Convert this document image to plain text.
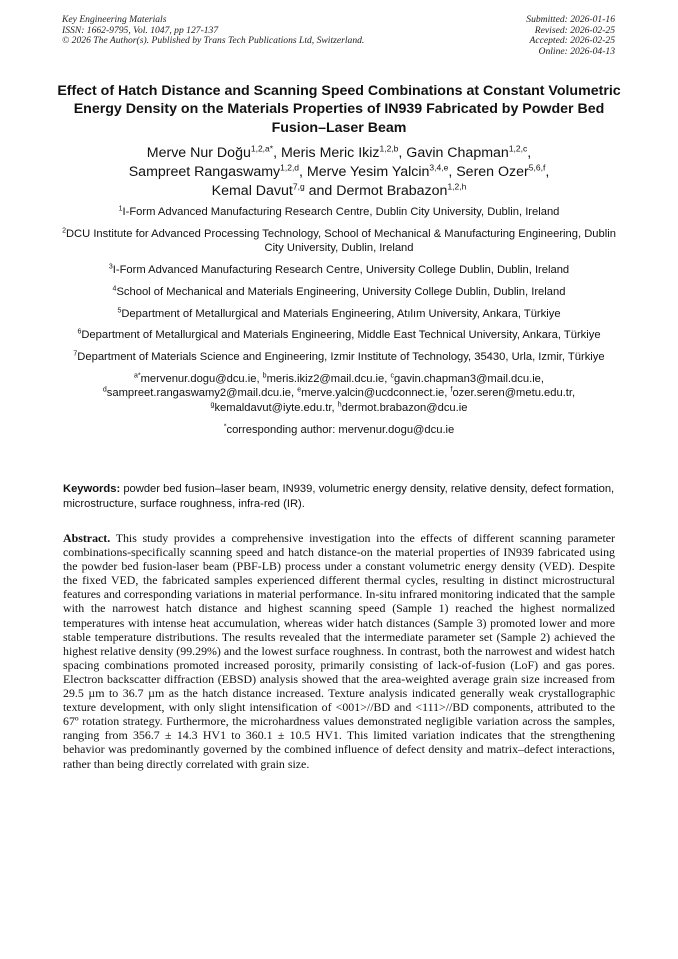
Key Engineering Materials
ISSN: 1662-9795, Vol. 1047, pp 127-137
© 2026 The Author(s). Published by Trans Tech Publications Ltd, Switzerland.
Submitted: 2026-01-16
Revised: 2026-02-25
Accepted: 2026-02-25
Online: 2026-04-13
Effect of Hatch Distance and Scanning Speed Combinations at Constant Volumetric Energy Density on the Materials Properties of IN939 Fabricated by Powder Bed Fusion–Laser Beam
Merve Nur Doğu$^{1,2,a*}$, Meris Meric Ikiz$^{1,2,b}$, Gavin Chapman$^{1,2,c}$,
Sampreet Rangaswamy$^{1,2,d}$, Merve Yesim Yalcin$^{3,4,e}$, Seren Ozer$^{5,6,f}$,
Kemal Davut$^{7,g}$ and Dermot Brabazon$^{1,2,h}$
$^1$I-Form Advanced Manufacturing Research Centre, Dublin City University, Dublin, Ireland
$^2$DCU Institute for Advanced Processing Technology, School of Mechanical & Manufacturing Engineering, Dublin City University, Dublin, Ireland
$^3$I-Form Advanced Manufacturing Research Centre, University College Dublin, Dublin, Ireland
$^4$School of Mechanical and Materials Engineering, University College Dublin, Dublin, Ireland
$^5$Department of Metallurgical and Materials Engineering, Atılım University, Ankara, Türkiye
$^6$Department of Metallurgical and Materials Engineering, Middle East Technical University, Ankara, Türkiye
$^7$Department of Materials Science and Engineering, Izmir Institute of Technology, 35430, Urla, Izmir, Türkiye
$^{a*}$mervenur.dogu@dcu.ie, $^b$meris.ikiz2@mail.dcu.ie, $^c$gavin.chapman3@mail.dcu.ie,
$^d$sampreet.rangaswamy2@mail.dcu.ie, $^e$merve.yalcin@ucdconnect.ie, $^f$ozer.seren@metu.edu.tr,
$^g$kemaldavut@iyte.edu.tr, $^h$dermot.brabazon@dcu.ie
*corresponding author: mervenur.dogu@dcu.ie
Keywords: powder bed fusion–laser beam, IN939, volumetric energy density, relative density, defect formation, microstructure, surface roughness, infra-red (IR).
Abstract. This study provides a comprehensive investigation into the effects of different scanning parameter combinations-specifically scanning speed and hatch distance-on the material properties of IN939 fabricated using the powder bed fusion-laser beam (PBF-LB) process under a constant volumetric energy density (VED). Despite the fixed VED, the fabricated samples experienced different thermal cycles, resulting in distinct microstructural features and corresponding variations in material performance. In-situ infrared monitoring indicated that the sample with the narrowest hatch distance and highest scanning speed (Sample 1) reached the highest normalized temperatures with intense heat accumulation, whereas wider hatch distances (Sample 3) promoted lower and more stable temperature distributions. The results revealed that the intermediate parameter set (Sample 2) achieved the highest relative density (99.29%) and the lowest surface roughness. In contrast, both the narrowest and widest hatch spacing combinations promoted increased porosity, primarily consisting of lack-of-fusion (LoF) and gas pores. Electron backscatter diffraction (EBSD) analysis showed that the area-weighted average grain size increased from 29.5 µm to 36.7 µm as the hatch distance increased. Texture analysis indicated generally weak crystallographic texture development, with only slight intensification of <001>//BD and <111>//BD components, attributed to the 67º rotation strategy. Furthermore, the microhardness values demonstrated negligible variation across the samples, ranging from 356.7 ± 14.3 HV1 to 360.1 ± 10.5 HV1. This limited variation indicates that the strengthening behavior was predominantly governed by the combined influence of defect density and matrix–defect interactions, rather than being directly correlated with grain size.
